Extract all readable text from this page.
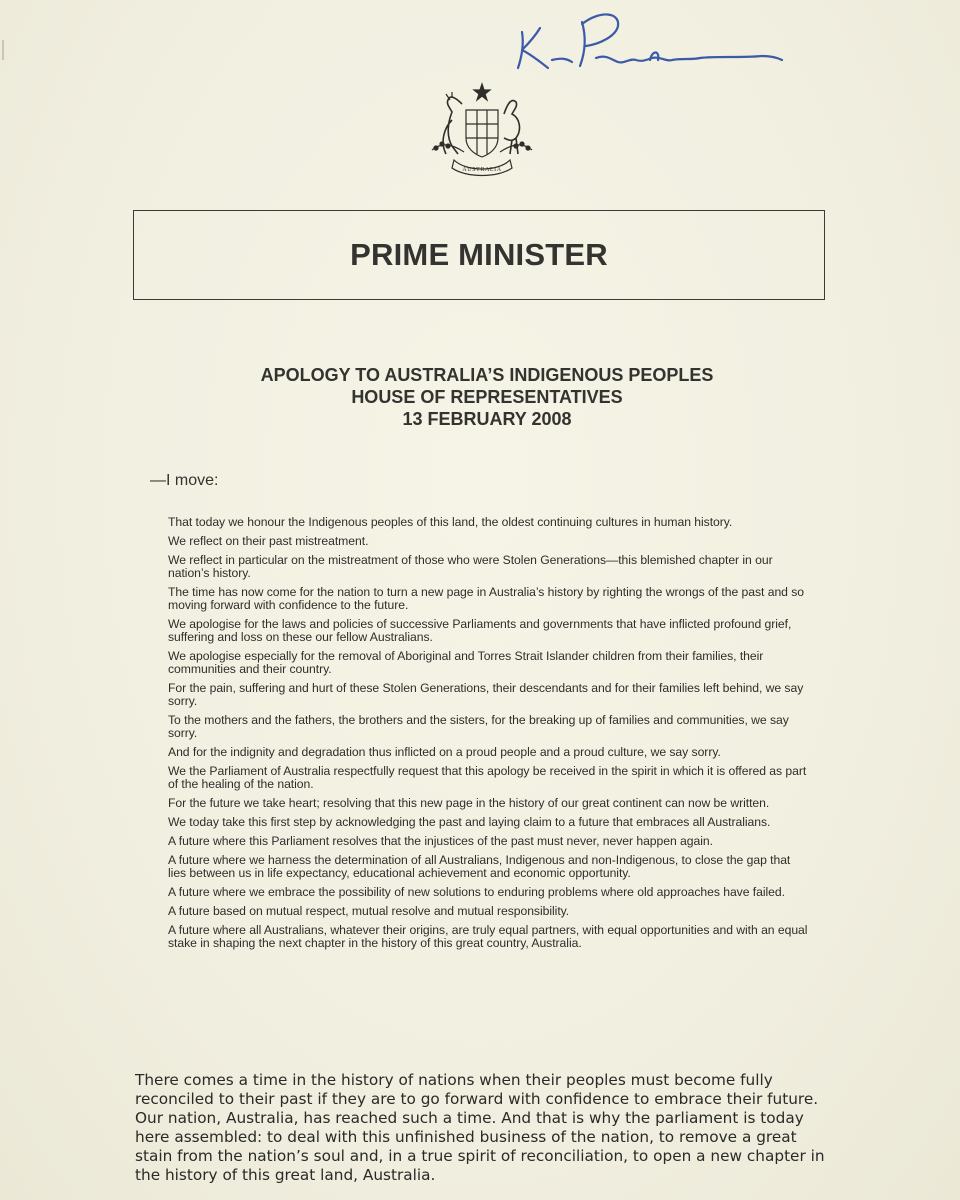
AUSTRALIA
PRIME MINISTER
APOLOGY TO AUSTRALIA’S INDIGENOUS PEOPLES
HOUSE OF REPRESENTATIVES
13 FEBRUARY 2008
—I move:

That today we honour the Indigenous peoples of this land, the oldest continuing cultures in human history.

We reflect on their past mistreatment.

We reflect in particular on the mistreatment of those who were Stolen Generations—this blemished chapter in our nation’s history.

The time has now come for the nation to turn a new page in Australia’s history by righting the wrongs of the past and so moving forward with confidence to the future.

We apologise for the laws and policies of successive Parliaments and governments that have inflicted profound grief, suffering and loss on these our fellow Australians.

We apologise especially for the removal of Aboriginal and Torres Strait Islander children from their families, their communities and their country.

For the pain, suffering and hurt of these Stolen Generations, their descendants and for their families left behind, we say sorry.

To the mothers and the fathers, the brothers and the sisters, for the breaking up of families and communities, we say sorry.

And for the indignity and degradation thus inflicted on a proud people and a proud culture, we say sorry.

We the Parliament of Australia respectfully request that this apology be received in the spirit in which it is offered as part of the healing of the nation.

For the future we take heart; resolving that this new page in the history of our great continent can now be written.

We today take this first step by acknowledging the past and laying claim to a future that embraces all Australians.

A future where this Parliament resolves that the injustices of the past must never, never happen again.

A future where we harness the determination of all Australians, Indigenous and non-Indigenous, to close the gap that lies between us in life expectancy, educational achievement and economic opportunity.

A future where we embrace the possibility of new solutions to enduring problems where old approaches have failed.

A future based on mutual respect, mutual resolve and mutual responsibility.

A future where all Australians, whatever their origins, are truly equal partners, with equal opportunities and with an equal stake in shaping the next chapter in the history of this great country, Australia.

There comes a time in the history of nations when their peoples must become fully reconciled to their past if they are to go forward with confidence to embrace their future. Our nation, Australia, has reached such a time. And that is why the parliament is today here assembled: to deal with this unfinished business of the nation, to remove a great stain from the nation’s soul and, in a true spirit of reconciliation, to open a new chapter in the history of this great land, Australia.
